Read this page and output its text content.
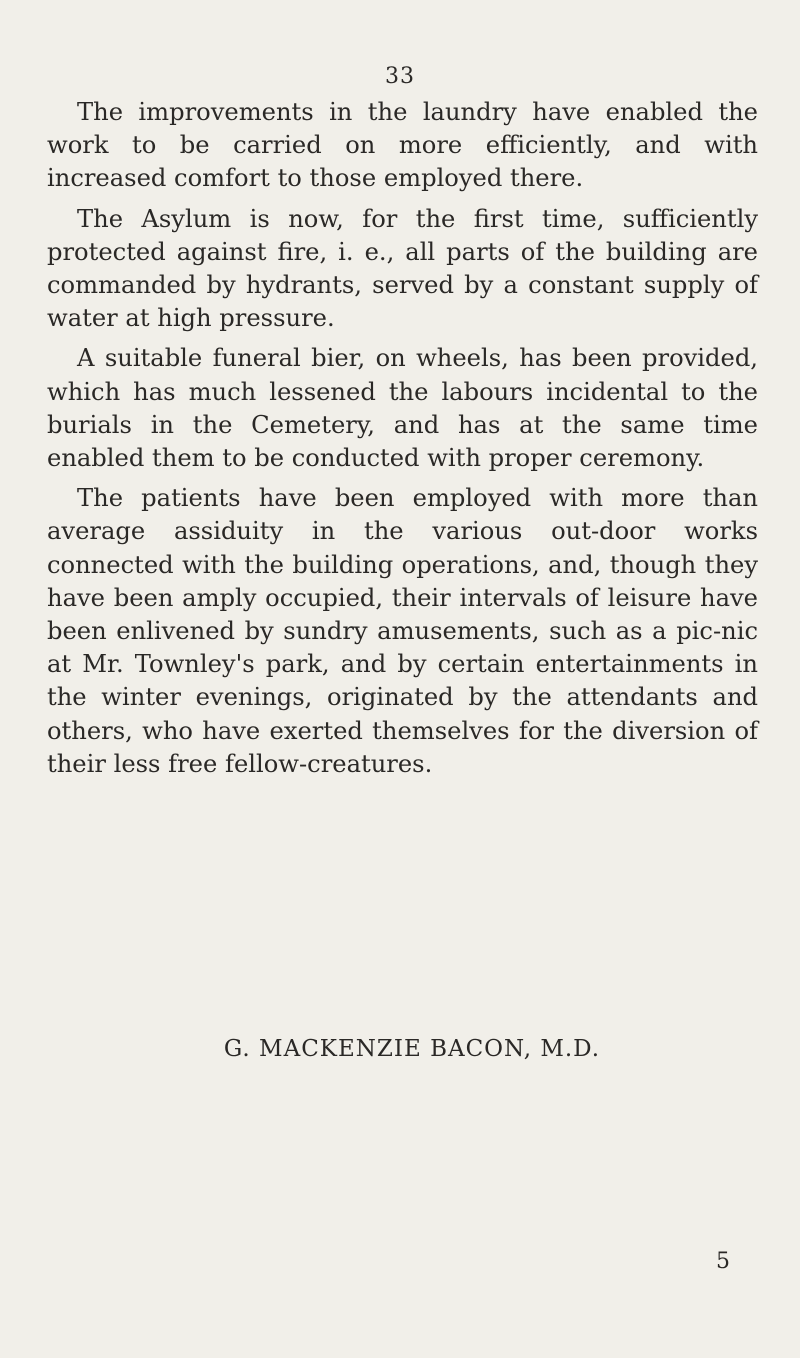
33

The improvements in the laundry have enabled the work to be carried on more efficiently, and with increased comfort to those employed there.

The Asylum is now, for the first time, sufficiently protected against fire, i. e., all parts of the building are commanded by hydrants, served by a constant supply of water at high pressure.

A suitable funeral bier, on wheels, has been provided, which has much lessened the labours incidental to the burials in the Cemetery, and has at the same time enabled them to be conducted with proper ceremony.

The patients have been employed with more than average assiduity in the various out-door works connected with the building operations, and, though they have been amply occupied, their intervals of leisure have been enlivened by sundry amusements, such as a pic-nic at Mr. Townley's park, and by certain entertainments in the winter evenings, originated by the attendants and others, who have exerted themselves for the diversion of their less free fellow-creatures.

G. MACKENZIE BACON, M.D.
5
